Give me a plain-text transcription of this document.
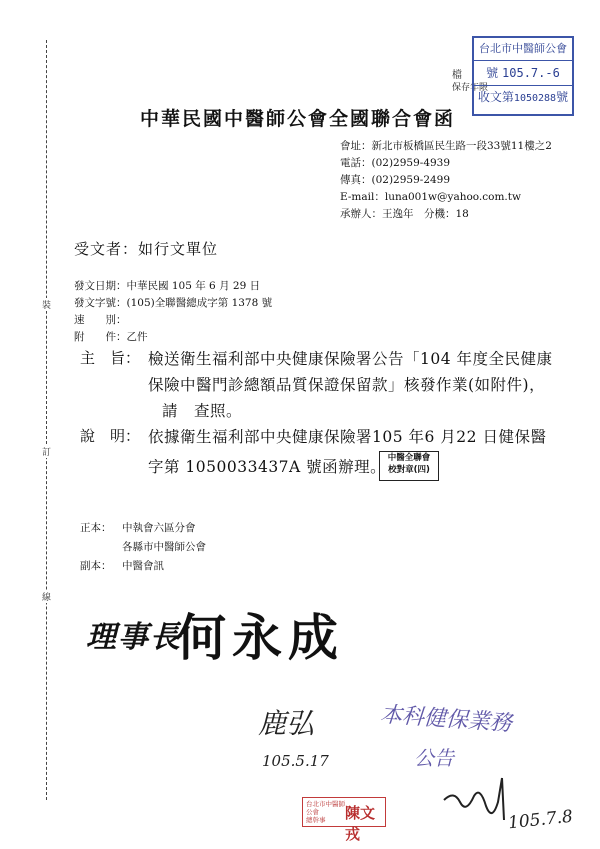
裝
訂
線
檔
保存年限
台北市中醫師公會
號 105.7.-6
收文第1050288號
中華民國中醫師公會全國聯合會 函
會址：新北市板橋區民生路一段33號11樓之2
電話：(02)2959-4939
傳真：(02)2959-2499
E-mail：luna001w@yahoo.com.tw
承辦人：王逸年　分機：18
受文者：如行文單位
發文日期：中華民國 105 年 6 月 29 日
發文字號：(105)全聯醫總成字第 1378 號
速　　別：
附　　件：乙件
主　旨： 檢送衛生福利部中央健康保險署公告「104 年度全民健康
保險中醫門診總額品質保證保留款」核發作業(如附件)，
請　查照。
說　明： 依據衛生福利部中央健康保險署105 年6 月22 日健保醫
字第 1050033437A 號函辦理。 中醫全聯會
校對章(四)
正本： 中執會六區分會
各縣市中醫師公會
副本： 中醫會訊
理事長
何永成
鹿弘
105.5.17
本科健保業務
公告
105.7.8
台北市中醫師公會
總幹事	陳文戎
